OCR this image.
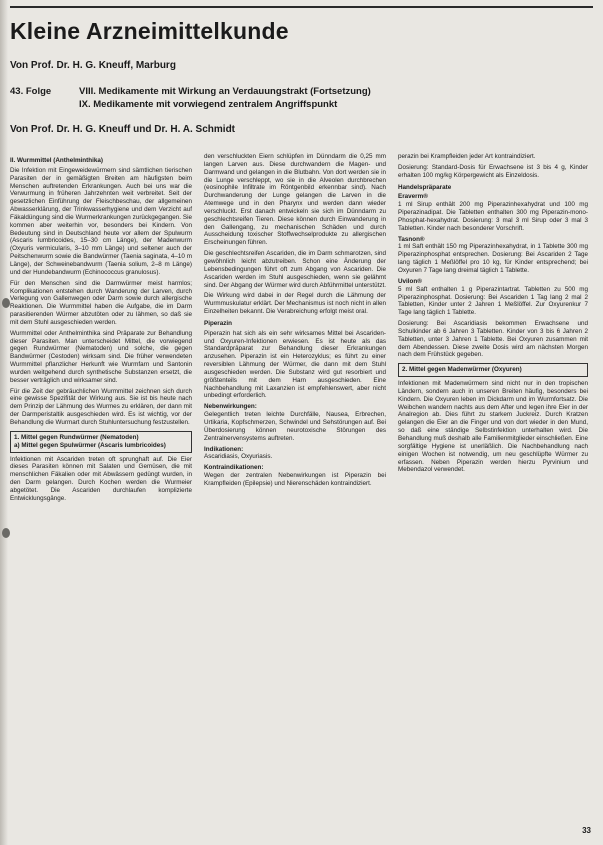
Kleine Arzneimittelkunde
Von Prof. Dr. H. G. Kneuff, Marburg
43. Folge	VIII. Medikamente mit Wirkung an Verdauungstrakt (Fortsetzung)
IX. Medikamente mit vorwiegend zentralem Angriffspunkt
Von Prof. Dr. H. G. Kneuff und Dr. H. A. Schmidt
II. Wurmmittel (Anthelminthika)

Die Infektion mit Eingeweidewürmern sind sämtlichen tierischen Parasiten der in gemäßigten Breiten am häufigsten beim Menschen auftretenden Erkrankungen. Auch bei uns war die Verwurmung in früheren Jahrzehnten weit verbreitet. Seit der gesetzlichen Einführung der Fleischbeschau, der allgemeinen Abwasserklärung, der Trinkwasserhygiene und dem Verzicht auf Fäkaldüngung sind die Wurmerkrankungen zurückgegangen. Sie kommen aber weiterhin vor, besonders bei Kindern. Von Bedeutung sind in Deutschland heute vor allem der Spulwurm (Ascaris lumbricoides, 15–30 cm Länge), der Madenwurm (Oxyuris vermicularis, 3–10 mm Länge) und seltener auch der Peitschenwurm sowie die Bandwürmer (Taenia saginata, 4–10 m Länge), der Schweinebandwurm (Taenia solium, 2–8 m Länge) und der Hundebandwurm (Echinococcus granulosus).

Für den Menschen sind die Darmwürmer meist harmlos; Komplikationen entstehen durch Wanderung der Larven, durch Verlegung von Gallenwegen oder Darm sowie durch allergische Reaktionen. Die Wurmmittel haben die Aufgabe, die im Darm parasitierenden Würmer abzutöten oder zu lähmen, so daß sie mit dem Stuhl ausgeschieden werden.

Wurmmittel oder Anthelminthika sind Präparate zur Behandlung dieser Parasiten. Man unterscheidet Mittel, die vorwiegend gegen Rundwürmer (Nematoden) und solche, die gegen Bandwürmer (Cestoden) wirksam sind. Die früher verwendeten Wurmmittel pflanzlicher Herkunft wie Wurmfarn und Santonin wurden weitgehend durch synthetische Substanzen ersetzt, die besser verträglich und wirksamer sind.

Für die Zeit der gebräuchlichen Wurmmittel zeichnen sich durch eine gewisse Spezifität der Wirkung aus. Sie ist bis heute nach dem Prinzip der Lähmung des Wurmes zu erklären, der dann mit der Darmperistaltik ausgeschieden wird. Es ist wichtig, vor der Behandlung die Wurmart durch Stuhluntersuchung festzustellen.

1. Mittel gegen Rundwürmer (Nematoden)
a) Mittel gegen Spulwürmer (Ascaris lumbricoides)

Infektionen mit Ascariden treten oft sprunghaft auf. Die Eier dieses Parasiten können mit Salaten und Gemüsen, die mit menschlichen Fäkalien oder mit Abwässern gedüngt wurden, in den Darm gelangen. Durch Kochen werden die Wurmeier abgetötet. Die Ascariden durchlaufen komplizierte Entwicklungsgänge.

den verschluckten Eiern schlüpfen im Dünndarm die 0,25 mm langen Larven aus. Diese durchwandern die Magen- und Darmwand und gelangen in die Blutbahn. Von dort werden sie in die Lunge verschleppt, wo sie in die Alveolen durchbrechen (eosinophile Infiltrate im Röntgenbild erkennbar sind). Nach Durchwanderung der Lunge gelangen die Larven in die Atemwege und in den Pharynx und werden dann wieder verschluckt. Erst danach entwickeln sie sich im Dünndarm zu geschlechtsreifen Tieren. Diese können durch Einwanderung in den Gallengang, zu mechanischen Schäden und durch Ausscheidung toxischer Stoffwechselprodukte zu allergischen Erscheinungen führen.

Die geschlechtsreifen Ascariden, die im Darm schmarotzen, sind gewöhnlich leicht abzutreiben. Schon eine Änderung der Lebensbedingungen führt oft zum Abgang von Ascariden. Die Ascariden werden im Stuhl ausgeschieden, wenn sie gelähmt sind. Der Abgang der Würmer wird durch Abführmittel unterstützt.

Die Wirkung wird dabei in der Regel durch die Lähmung der Wurmmuskulatur erklärt. Der Mechanismus ist noch nicht in allen Einzelheiten bekannt. Die Verabreichung erfolgt meist oral.

Piperazin

Piperazin hat sich als ein sehr wirksames Mittel bei Ascariden- und Oxyuren-Infektionen erwiesen. Es ist heute als das Standardpräparat zur Behandlung dieser Erkrankungen anzusehen. Piperazin ist ein Heterozyklus; es führt zu einer reversiblen Lähmung der Würmer, die dann mit dem Stuhl ausgeschieden werden. Die Substanz wird gut resorbiert und größtenteils mit dem Harn ausgeschieden. Eine Nachbehandlung mit Laxanzien ist empfehlenswert, aber nicht unbedingt erforderlich.

Nebenwirkungen:

Gelegentlich treten leichte Durchfälle, Nausea, Erbrechen, Urtikaria, Kopfschmerzen, Schwindel und Sehstörungen auf. Bei Überdosierung können neurotoxische Störungen des Zentralnervensystems auftreten.

Indikationen:

Ascaridiasis, Oxyuriasis.

Kontraindikationen:

Wegen der zentralen Nebenwirkungen ist Piperazin bei Krampfleiden (Epilepsie) und Nierenschäden kontraindiziert.

perazin bei Krampfleiden jeder Art kontraindiziert.

Dosierung: Standard-Dosis für Erwachsene ist 3 bis 4 g, Kinder erhalten 100 mg/kg Körpergewicht als Einzeldosis.

Handelspräparate
Eraverm®

1 ml Sirup enthält 200 mg Piperazinhexahydrat und 100 mg Piperazinadipat. Die Tabletten enthalten 300 mg Piperazin-mono-Phosphat-hexahydrat. Dosierung: 3 mal 3 ml Sirup oder 3 mal 3 Tabletten. Kinder nach besonderer Vorschrift.

Tasnon®

1 ml Saft enthält 150 mg Piperazinhexahydrat, in 1 Tablette 300 mg Piperazinphosphat entsprechen. Dosierung: Bei Ascariden 2 Tage lang täglich 1 Meßlöffel pro 10 kg, für Kinder entsprechend; bei Oxyuren 7 Tage lang dreimal täglich 1 Tablette.

Uvilon®

5 ml Saft enthalten 1 g Piperazintartrat. Tabletten zu 500 mg Piperazinphosphat. Dosierung: Bei Ascariden 1 Tag lang 2 mal 2 Tabletten, Kinder unter 2 Jahren 1 Meßlöffel. Zur Oxyurenkur 7 Tage lang täglich 1 Tablette.

Dosierung: Bei Ascaridiasis bekommen Erwachsene und Schulkinder ab 6 Jahren 3 Tabletten. Kinder von 3 bis 6 Jahren 2 Tabletten, unter 3 Jahren 1 Tablette. Bei Oxyuren zusammen mit dem Abendessen. Diese zweite Dosis wird am nächsten Morgen nach dem Frühstück gegeben.

2. Mittel gegen Madenwürmer (Oxyuren)

Infektionen mit Madenwürmern sind nicht nur in den tropischen Ländern, sondern auch in unseren Breiten häufig, besonders bei Kindern. Die Oxyuren leben im Dickdarm und im Wurmfortsatz. Die Weibchen wandern nachts aus dem After und legen ihre Eier in der Analregion ab. Dies führt zu starkem Juckreiz. Durch Kratzen gelangen die Eier an die Finger und von dort wieder in den Mund, so daß eine ständige Selbstinfektion unterhalten wird. Die Behandlung muß deshalb alle Familienmitglieder einschließen. Eine sorgfältige Hygiene ist unerläßlich. Die Nachbehandlung nach einigen Wochen ist notwendig, um neu geschlüpfte Würmer zu erfassen. Neben Piperazin werden hierzu Pyrvinium und Mebendazol verwendet.

33
